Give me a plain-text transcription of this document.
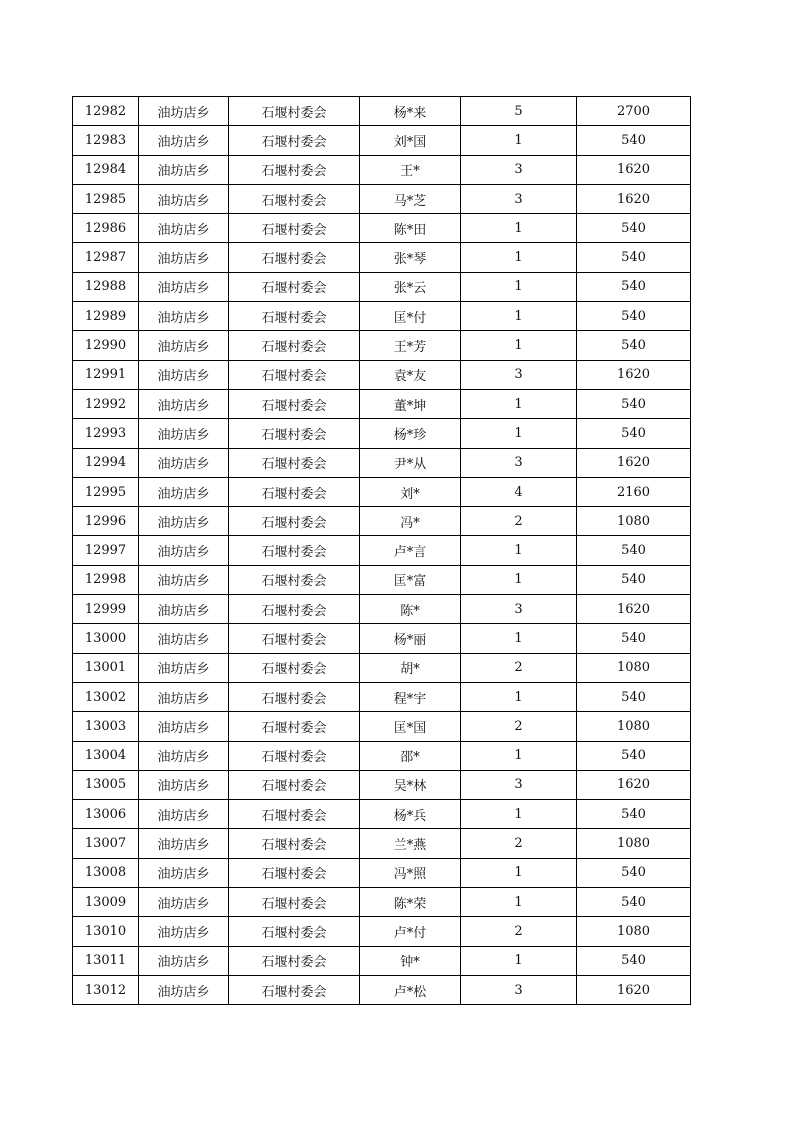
12982	油坊店乡	石堰村委会	杨*来	5	2700
12983	油坊店乡	石堰村委会	刘*国	1	540
12984	油坊店乡	石堰村委会	王*	3	1620
12985	油坊店乡	石堰村委会	马*芝	3	1620
12986	油坊店乡	石堰村委会	陈*田	1	540
12987	油坊店乡	石堰村委会	张*琴	1	540
12988	油坊店乡	石堰村委会	张*云	1	540
12989	油坊店乡	石堰村委会	匡*付	1	540
12990	油坊店乡	石堰村委会	王*芳	1	540
12991	油坊店乡	石堰村委会	袁*友	3	1620
12992	油坊店乡	石堰村委会	董*坤	1	540
12993	油坊店乡	石堰村委会	杨*珍	1	540
12994	油坊店乡	石堰村委会	尹*从	3	1620
12995	油坊店乡	石堰村委会	刘*	4	2160
12996	油坊店乡	石堰村委会	冯*	2	1080
12997	油坊店乡	石堰村委会	卢*言	1	540
12998	油坊店乡	石堰村委会	匡*富	1	540
12999	油坊店乡	石堰村委会	陈*	3	1620
13000	油坊店乡	石堰村委会	杨*丽	1	540
13001	油坊店乡	石堰村委会	胡*	2	1080
13002	油坊店乡	石堰村委会	程*宇	1	540
13003	油坊店乡	石堰村委会	匡*国	2	1080
13004	油坊店乡	石堰村委会	邵*	1	540
13005	油坊店乡	石堰村委会	吴*林	3	1620
13006	油坊店乡	石堰村委会	杨*兵	1	540
13007	油坊店乡	石堰村委会	兰*燕	2	1080
13008	油坊店乡	石堰村委会	冯*照	1	540
13009	油坊店乡	石堰村委会	陈*荣	1	540
13010	油坊店乡	石堰村委会	卢*付	2	1080
13011	油坊店乡	石堰村委会	钟*	1	540
13012	油坊店乡	石堰村委会	卢*松	3	1620
